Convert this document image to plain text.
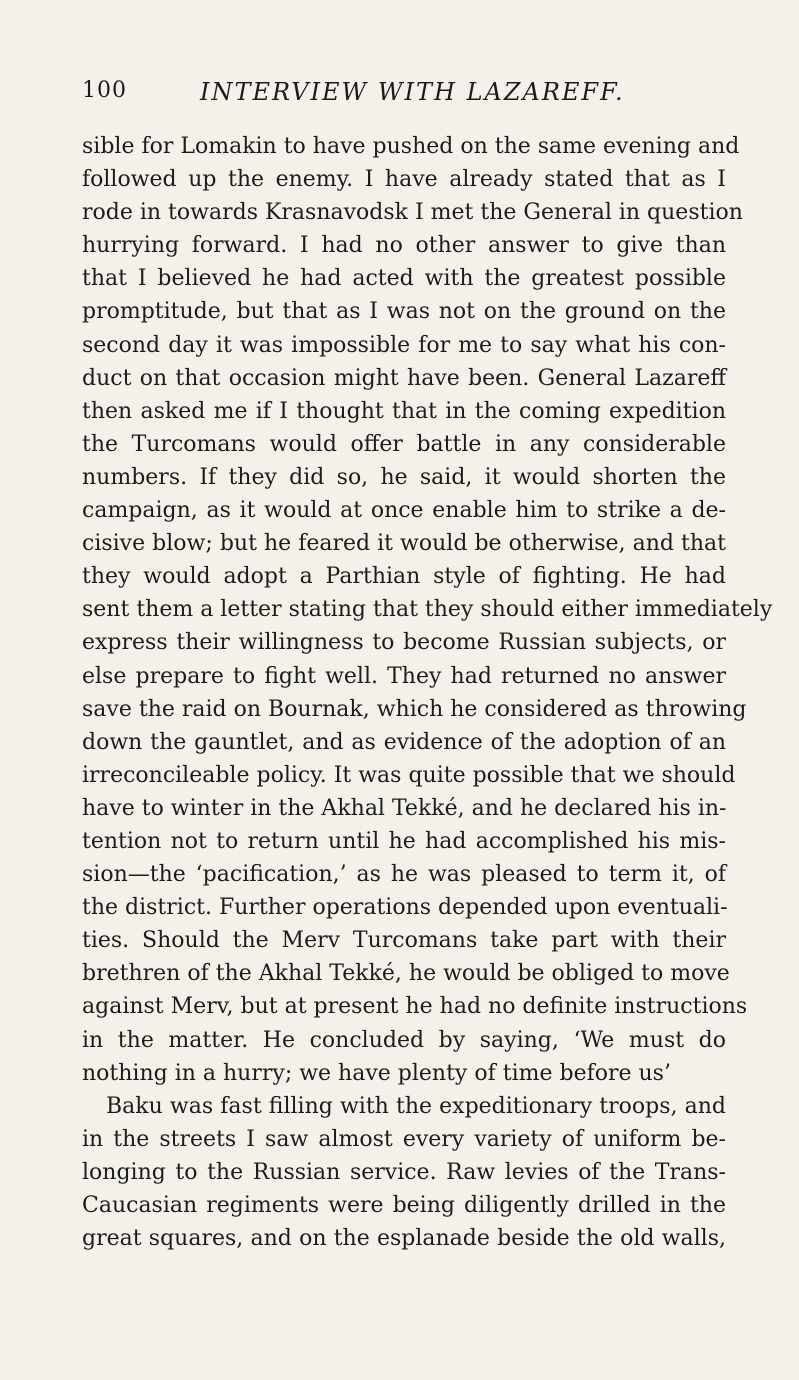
100	INTERVIEW WITH LAZAREFF.
sible for Lomakin to have pushed on the same evening and
followed up the enemy. I have already stated that as I
rode in towards Krasnavodsk I met the General in question
hurrying forward. I had no other answer to give than
that I believed he had acted with the greatest possible
promptitude, but that as I was not on the ground on the
second day it was impossible for me to say what his con-
duct on that occasion might have been. General Lazareff
then asked me if I thought that in the coming expedition
the Turcomans would offer battle in any considerable
numbers. If they did so, he said, it would shorten the
campaign, as it would at once enable him to strike a de-
cisive blow; but he feared it would be otherwise, and that
they would adopt a Parthian style of fighting. He had
sent them a letter stating that they should either immediately
express their willingness to become Russian subjects, or
else prepare to fight well. They had returned no answer
save the raid on Bournak, which he considered as throwing
down the gauntlet, and as evidence of the adoption of an
irreconcileable policy. It was quite possible that we should
have to winter in the Akhal Tekké, and he declared his in-
tention not to return until he had accomplished his mis-
sion—the ‘pacification,’ as he was pleased to term it, of
the district. Further operations depended upon eventuali-
ties. Should the Merv Turcomans take part with their
brethren of the Akhal Tekké, he would be obliged to move
against Merv, but at present he had no definite instructions
in the matter. He concluded by saying, ‘We must do
nothing in a hurry; we have plenty of time before us’
Baku was fast filling with the expeditionary troops, and
in the streets I saw almost every variety of uniform be-
longing to the Russian service. Raw levies of the Trans-
Caucasian regiments were being diligently drilled in the
great squares, and on the esplanade beside the old walls,
